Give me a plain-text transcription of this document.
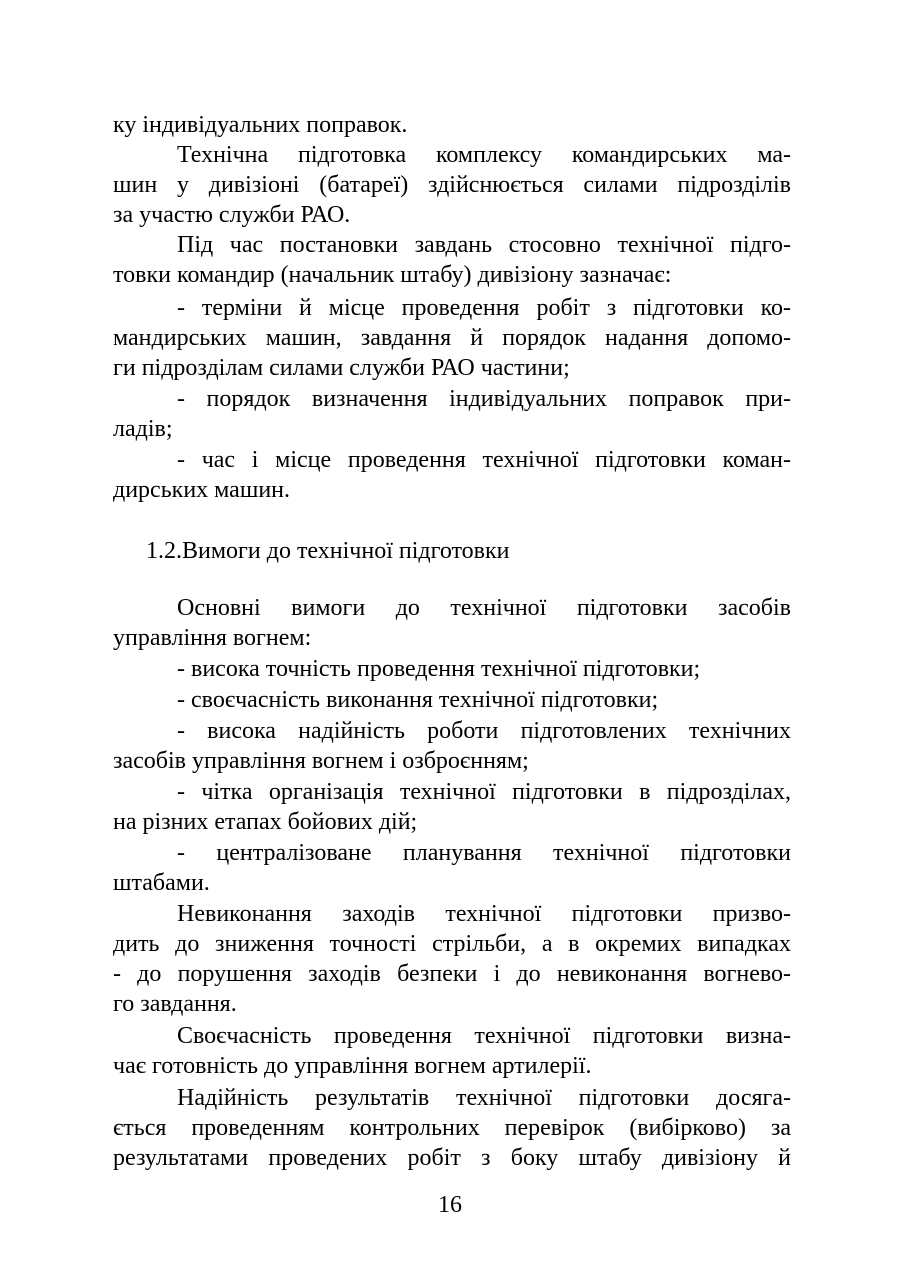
ку індивідуальних поправок.
Технічна підготовка комплексу командирських ма-
шин у дивізіоні (батареї) здійснюється силами підрозділів
за участю служби РАО.
Під час постановки завдань стосовно технічної підго-
товки командир (начальник штабу) дивізіону зазначає:
- терміни й місце проведення робіт з підготовки ко-
мандирських машин, завдання й порядок надання допомо-
ги підрозділам силами служби РАО частини;
- порядок визначення індивідуальних поправок при-
ладів;
- час і місце проведення технічної підготовки коман-
дирських машин.
1.2.Вимоги до технічної підготовки
Основні вимоги до технічної підготовки засобів
управління вогнем:
- висока точність проведення технічної підготовки;
- своєчасність виконання технічної підготовки;
- висока надійність роботи підготовлених технічних
засобів управління вогнем і озброєнням;
- чітка організація технічної підготовки в підрозділах,
на різних етапах бойових дій;
- централізоване планування технічної підготовки
штабами.
Невиконання заходів технічної підготовки призво-
дить до зниження точності стрільби, а в окремих випадках
- до порушення заходів безпеки і до невиконання вогнево-
го завдання.
Своєчасність проведення технічної підготовки визна-
чає готовність до управління вогнем артилерії.
Надійність результатів технічної підготовки досяга-
ється проведенням контрольних перевірок (вибірково) за
результатами проведених робіт з боку штабу дивізіону й
16
